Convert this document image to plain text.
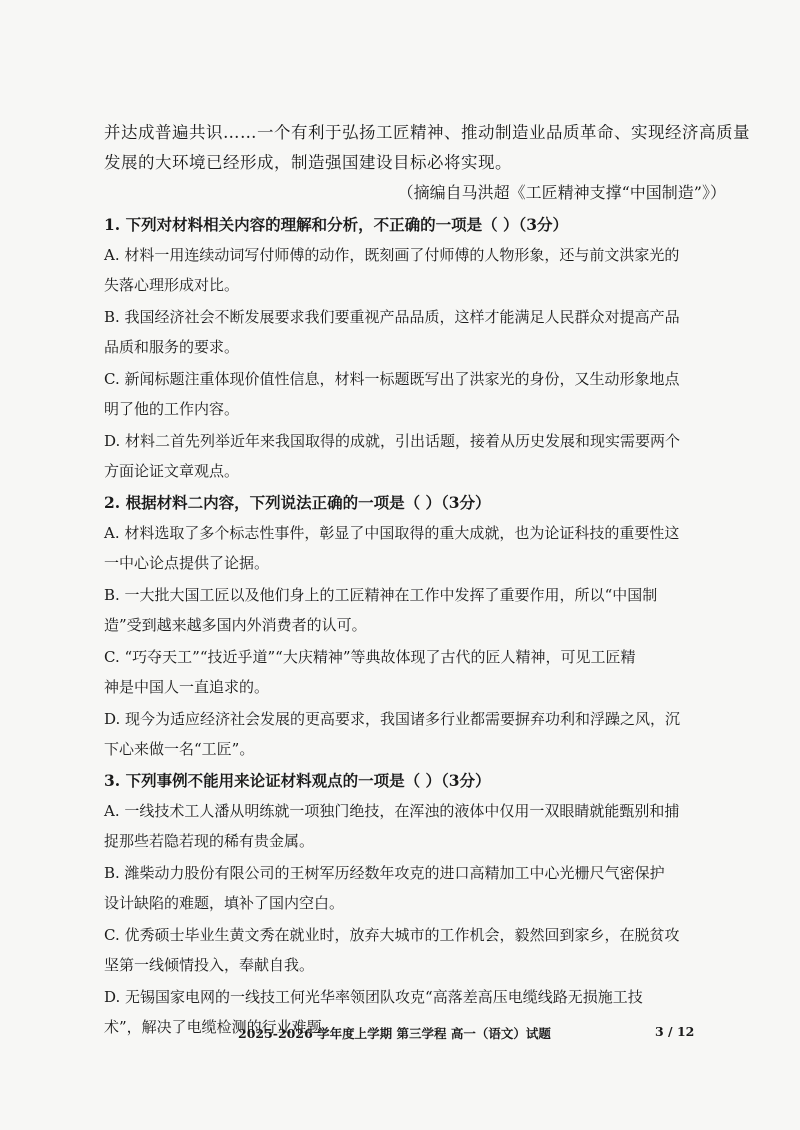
并达成普遍共识……一个有利于弘扬工匠精神、推动制造业品质革命、实现经济高质量
发展的大环境已经形成，制造强国建设目标必将实现。
（摘编自马洪超《工匠精神支撑“中国制造”》）
1. 下列对材料相关内容的理解和分析，不正确的一项是（ ）（3分）
A. 材料一用连续动词写付师傅的动作，既刻画了付师傅的人物形象，还与前文洪家光的
失落心理形成对比。
B. 我国经济社会不断发展要求我们要重视产品品质，这样才能满足人民群众对提高产品
品质和服务的要求。
C. 新闻标题注重体现价值性信息，材料一标题既写出了洪家光的身份，又生动形象地点
明了他的工作内容。
D. 材料二首先列举近年来我国取得的成就，引出话题，接着从历史发展和现实需要两个
方面论证文章观点。
2. 根据材料二内容，下列说法正确的一项是（ ）（3分）
A. 材料选取了多个标志性事件，彰显了中国取得的重大成就，也为论证科技的重要性这
一中心论点提供了论据。
B. 一大批大国工匠以及他们身上的工匠精神在工作中发挥了重要作用，所以“中国制
造”受到越来越多国内外消费者的认可。
C. “巧夺天工”“技近乎道”“大庆精神”等典故体现了古代的匠人精神，可见工匠精
神是中国人一直追求的。
D. 现今为适应经济社会发展的更高要求，我国诸多行业都需要摒弃功利和浮躁之风，沉
下心来做一名“工匠”。
3. 下列事例不能用来论证材料观点的一项是（ ）（3分）
A. 一线技术工人潘从明练就一项独门绝技，在浑浊的液体中仅用一双眼睛就能甄别和捕
捉那些若隐若现的稀有贵金属。
B. 潍柴动力股份有限公司的王树军历经数年攻克的进口高精加工中心光栅尺气密保护
设计缺陷的难题，填补了国内空白。
C. 优秀硕士毕业生黄文秀在就业时，放弃大城市的工作机会，毅然回到家乡，在脱贫攻
坚第一线倾情投入，奉献自我。
D. 无锡国家电网的一线技工何光华率领团队攻克“高落差高压电缆线路无损施工技
术”，解决了电缆检测的行业难题。
2025-2026 学年度上学期 第三学程 高一（语文）试题	3 / 12
